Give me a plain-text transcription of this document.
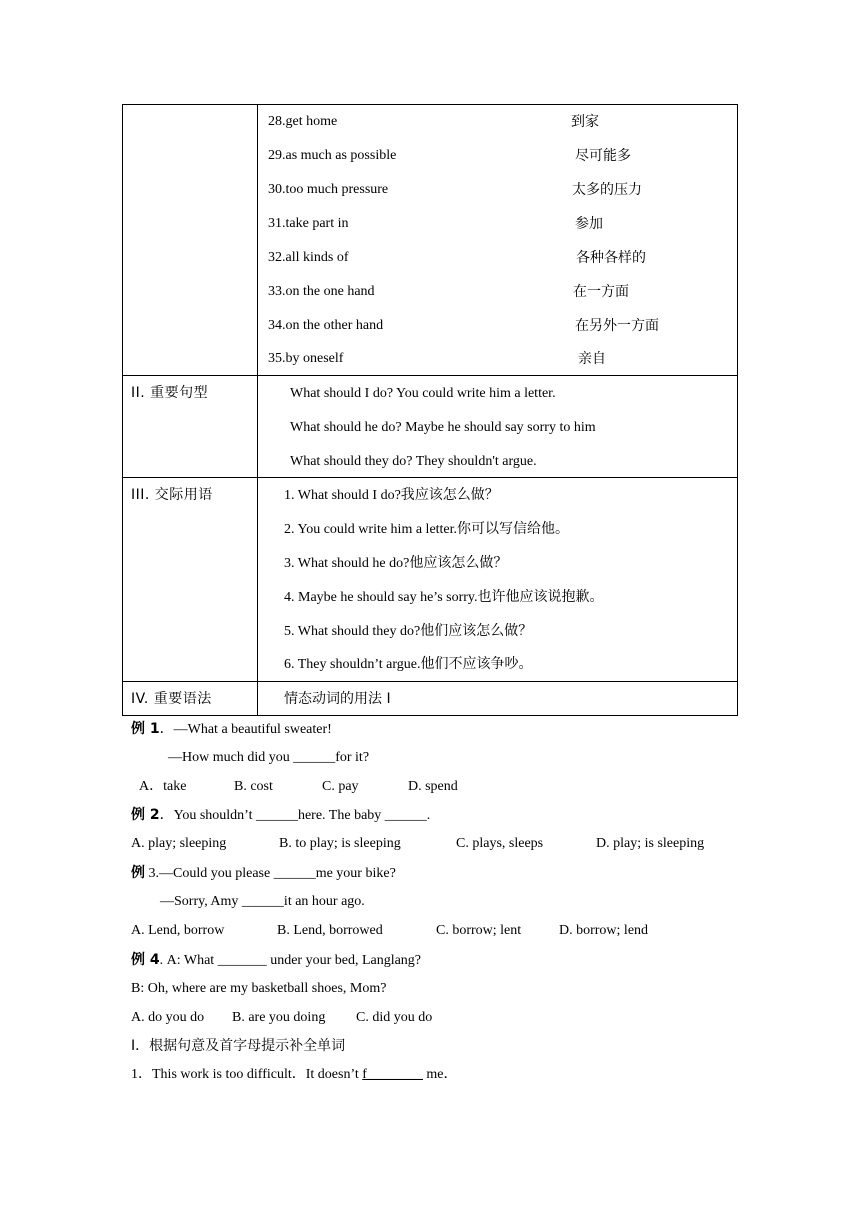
28.get home	到家
29.as much as possible	尽可能多
30.too much pressure	太多的压力
31.take part in	参加
32.all kinds of	各种各样的
33.on the one hand	在一方面
34.on the other hand	在另外一方面
35.by oneself	亲自
II. 重要句型	What should I do? You could write him a letter.
What should he do? Maybe he should say sorry to him
What should they do? They shouldn't argue.
III. 交际用语	1. What should I do?我应该怎么做？
2. You could write him a letter.你可以写信给他。
3. What should he do?他应该怎么做？
4. Maybe he should say he’s sorry.也许他应该说抱歉。
5. What should they do?他们应该怎么做？
6. They shouldn’t argue.他们不应该争吵。
IV. 重要语法	情态动词的用法 I
例 1．—What a beautiful sweater!
—How much did you ______for it?
A．take	B. cost	C. pay	D. spend
例 2．You shouldn’t ______here. The baby ______.
A. play; sleeping	B. to play; is sleeping	C. plays, sleeps	D. play; is sleeping
例 3.—Could you please ______me your bike?
—Sorry, Amy ______it an hour ago.
A. Lend, borrow	B. Lend, borrowed	C. borrow; lent	D. borrow; lend
例 4. A: What _______ under your bed, Langlang?
B: Oh, where are my basketball shoes, Mom?
A. do you do B. are you doing C. did you do
I．根据句意及首字母提示补全单词
1．This work is too difficult．It doesn’t f________ me．
